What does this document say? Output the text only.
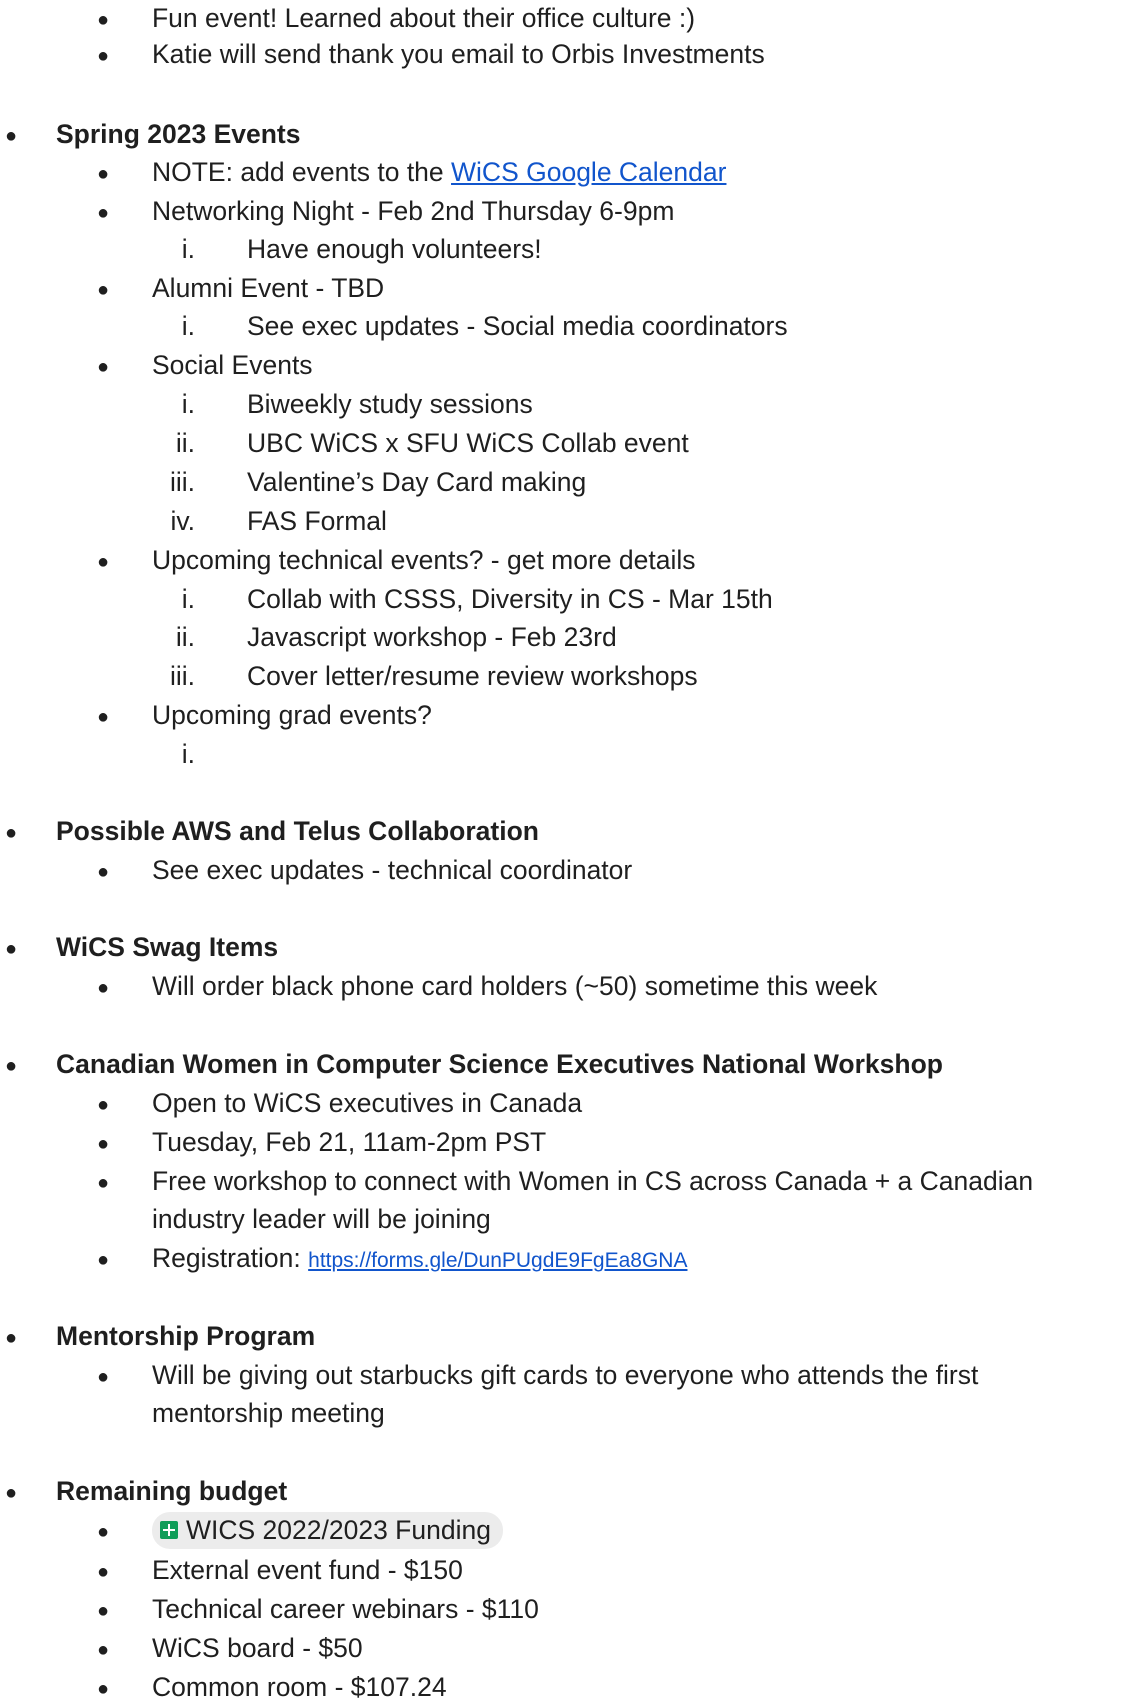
● Fun event! Learned about their office culture :)
● Katie will send thank you email to Orbis Investments
● Spring 2023 Events
● NOTE: add events to the WiCS Google Calendar
● Networking Night - Feb 2nd Thursday 6-9pm
i. Have enough volunteers!
● Alumni Event - TBD
i. See exec updates - Social media coordinators
● Social Events
i. Biweekly study sessions
ii. UBC WiCS x SFU WiCS Collab event
iii. Valentine’s Day Card making
iv. FAS Formal
● Upcoming technical events? - get more details
i. Collab with CSSS, Diversity in CS - Mar 15th
ii. Javascript workshop - Feb 23rd
iii. Cover letter/resume review workshops
● Upcoming grad events?
i.
● Possible AWS and Telus Collaboration
● See exec updates - technical coordinator
● WiCS Swag Items
● Will order black phone card holders (~50) sometime this week
● Canadian Women in Computer Science Executives National Workshop
● Open to WiCS executives in Canada
● Tuesday, Feb 21, 11am-2pm PST
● Free workshop to connect with Women in CS across Canada + a Canadian
industry leader will be joining
● Registration: https://forms.gle/DunPUgdE9FgEa8GNA
● Mentorship Program
● Will be giving out starbucks gift cards to everyone who attends the first
mentorship meeting
● Remaining budget
●	WICS 2022/2023 Funding
● External event fund - $150
● Technical career webinars - $110
● WiCS board - $50
● Common room - $107.24
